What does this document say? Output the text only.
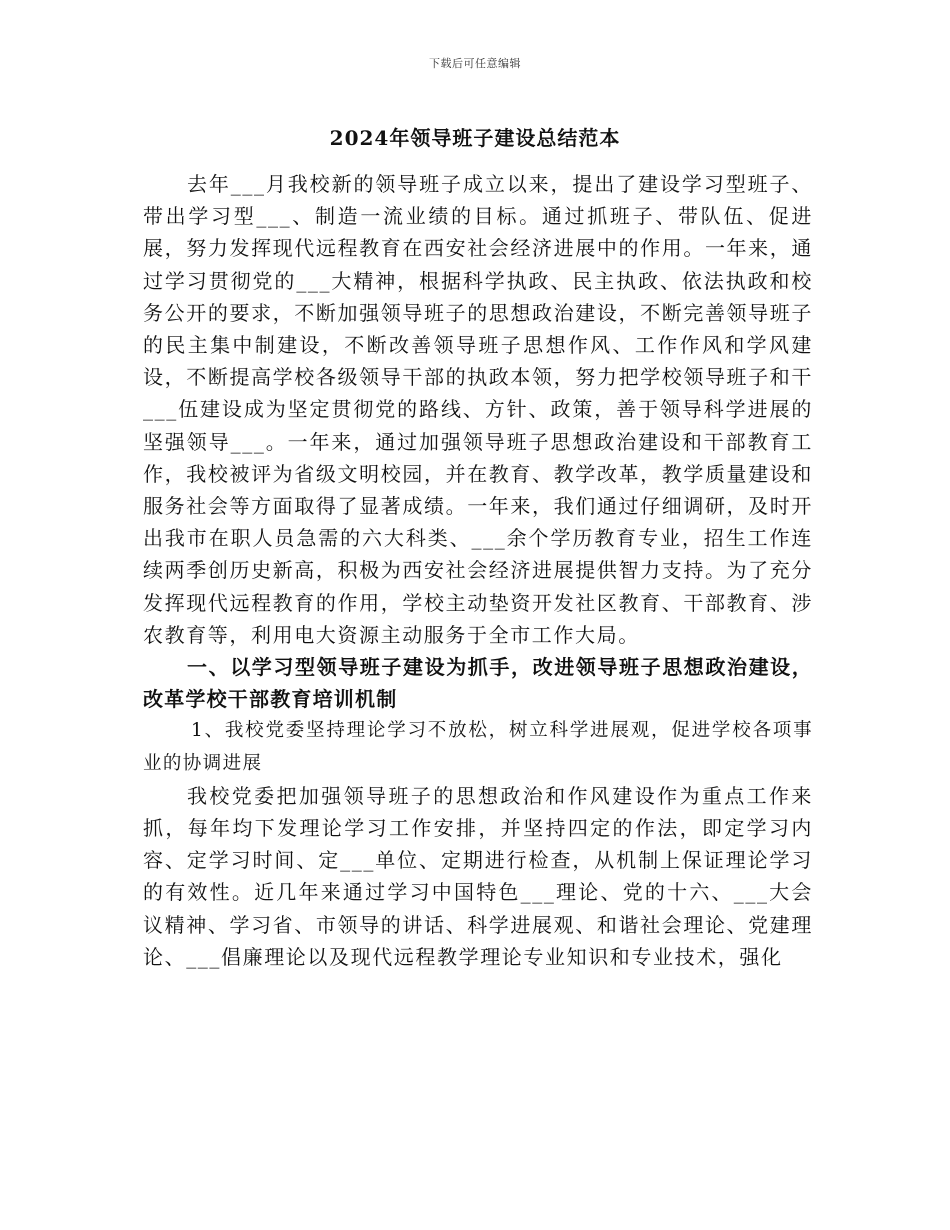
下载后可任意编辑
2024年领导班子建设总结范本

去年___月我校新的领导班子成立以来，提出了建设学习型班子、带出学习型___、制造一流业绩的目标。通过抓班子、带队伍、促进展，努力发挥现代远程教育在西安社会经济进展中的作用。一年来，通过学习贯彻党的___大精神，根据科学执政、民主执政、依法执政和校务公开的要求，不断加强领导班子的思想政治建设，不断完善领导班子的民主集中制建设，不断改善领导班子思想作风、工作作风和学风建设，不断提高学校各级领导干部的执政本领，努力把学校领导班子和干___伍建设成为坚定贯彻党的路线、方针、政策，善于领导科学进展的坚强领导___。一年来，通过加强领导班子思想政治建设和干部教育工作，我校被评为省级文明校园，并在教育、教学改革，教学质量建设和服务社会等方面取得了显著成绩。一年来，我们通过仔细调研，及时开出我市在职人员急需的六大科类、___余个学历教育专业，招生工作连续两季创历史新高，积极为西安社会经济进展提供智力支持。为了充分发挥现代远程教育的作用，学校主动垫资开发社区教育、干部教育、涉农教育等，利用电大资源主动服务于全市工作大局。

一、以学习型领导班子建设为抓手，改进领导班子思想政治建设，改革学校干部教育培训机制

1、我校党委坚持理论学习不放松，树立科学进展观，促进学校各项事业的协调进展

我校党委把加强领导班子的思想政治和作风建设作为重点工作来抓，每年均下发理论学习工作安排，并坚持四定的作法，即定学习内容、定学习时间、定___单位、定期进行检查，从机制上保证理论学习的有效性。近几年来通过学习中国特色___理论、党的十六、___大会议精神、学习省、市领导的讲话、科学进展观、和谐社会理论、党建理论、___倡廉理论以及现代远程教学理论专业知识和专业技术，强化
